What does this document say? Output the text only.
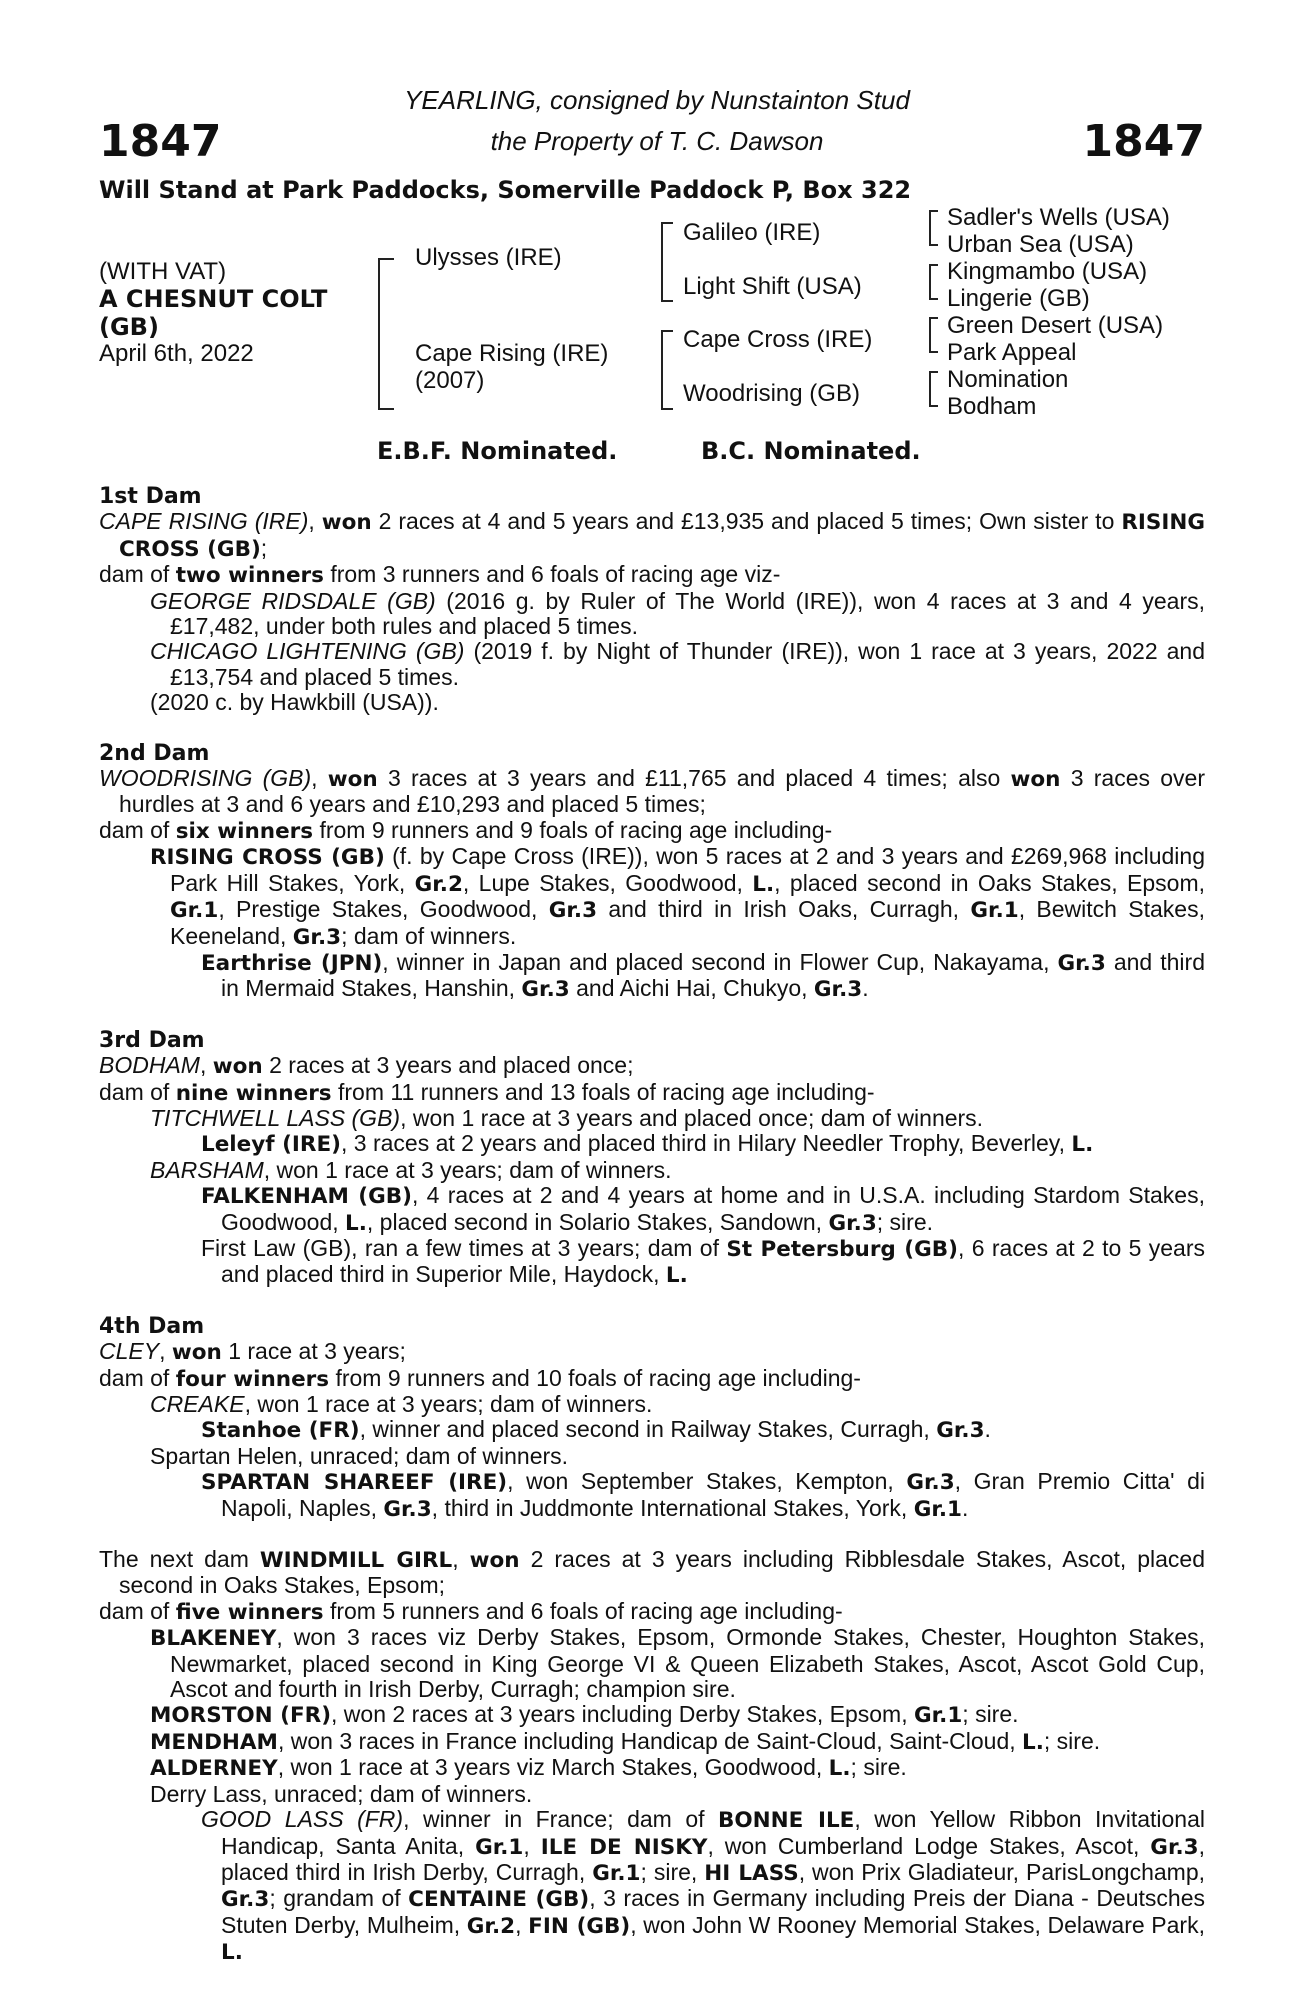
1847	1847
YEARLING, consigned by Nunstainton Stud
the Property of T. C. Dawson
Will Stand at Park Paddocks, Somerville Paddock P, Box 322
(WITH VAT)
A CHESNUT COLT
(GB)
April 6th, 2022
Ulysses (IRE)
Cape Rising (IRE)
(2007)
Galileo (IRE)
Light Shift (USA)
Cape Cross (IRE)
Woodrising (GB)
Sadler's Wells (USA)
Urban Sea (USA)
Kingmambo (USA)
Lingerie (GB)
Green Desert (USA)
Park Appeal
Nomination
Bodham
E.B.F. Nominated.	B.C. Nominated.
1st Dam
CAPE RISING (IRE), won 2 races at 4 and 5 years and £13,935 and placed 5 times; Own sister to RISING CROSS (GB);
dam of two winners from 3 runners and 6 foals of racing age viz-
GEORGE RIDSDALE (GB) (2016 g. by Ruler of The World (IRE)), won 4 races at 3 and 4 years, £17,482, under both rules and placed 5 times.
CHICAGO LIGHTENING (GB) (2019 f. by Night of Thunder (IRE)), won 1 race at 3 years, 2022 and £13,754 and placed 5 times.
(2020 c. by Hawkbill (USA)).
2nd Dam
WOODRISING (GB), won 3 races at 3 years and £11,765 and placed 4 times; also won 3 races over hurdles at 3 and 6 years and £10,293 and placed 5 times;
dam of six winners from 9 runners and 9 foals of racing age including-
RISING CROSS (GB) (f. by Cape Cross (IRE)), won 5 races at 2 and 3 years and £269,968 including Park Hill Stakes, York, Gr.2, Lupe Stakes, Goodwood, L., placed second in Oaks Stakes, Epsom, Gr.1, Prestige Stakes, Goodwood, Gr.3 and third in Irish Oaks, Curragh, Gr.1, Bewitch Stakes, Keeneland, Gr.3; dam of winners.
Earthrise (JPN), winner in Japan and placed second in Flower Cup, Nakayama, Gr.3 and third in Mermaid Stakes, Hanshin, Gr.3 and Aichi Hai, Chukyo, Gr.3.
3rd Dam
BODHAM, won 2 races at 3 years and placed once;
dam of nine winners from 11 runners and 13 foals of racing age including-
TITCHWELL LASS (GB), won 1 race at 3 years and placed once; dam of winners.
Leleyf (IRE), 3 races at 2 years and placed third in Hilary Needler Trophy, Beverley, L.
BARSHAM, won 1 race at 3 years; dam of winners.
FALKENHAM (GB), 4 races at 2 and 4 years at home and in U.S.A. including Stardom Stakes, Goodwood, L., placed second in Solario Stakes, Sandown, Gr.3; sire.
First Law (GB), ran a few times at 3 years; dam of St Petersburg (GB), 6 races at 2 to 5 years and placed third in Superior Mile, Haydock, L.
4th Dam
CLEY, won 1 race at 3 years;
dam of four winners from 9 runners and 10 foals of racing age including-
CREAKE, won 1 race at 3 years; dam of winners.
Stanhoe (FR), winner and placed second in Railway Stakes, Curragh, Gr.3.
Spartan Helen, unraced; dam of winners.
SPARTAN SHAREEF (IRE), won September Stakes, Kempton, Gr.3, Gran Premio Citta' di Napoli, Naples, Gr.3, third in Juddmonte International Stakes, York, Gr.1.
The next dam WINDMILL GIRL, won 2 races at 3 years including Ribblesdale Stakes, Ascot, placed second in Oaks Stakes, Epsom;
dam of five winners from 5 runners and 6 foals of racing age including-
BLAKENEY, won 3 races viz Derby Stakes, Epsom, Ormonde Stakes, Chester, Houghton Stakes, Newmarket, placed second in King George VI & Queen Elizabeth Stakes, Ascot, Ascot Gold Cup, Ascot and fourth in Irish Derby, Curragh; champion sire.
MORSTON (FR), won 2 races at 3 years including Derby Stakes, Epsom, Gr.1; sire.
MENDHAM, won 3 races in France including Handicap de Saint-Cloud, Saint-Cloud, L.; sire.
ALDERNEY, won 1 race at 3 years viz March Stakes, Goodwood, L.; sire.
Derry Lass, unraced; dam of winners.
GOOD LASS (FR), winner in France; dam of BONNE ILE, won Yellow Ribbon Invitational Handicap, Santa Anita, Gr.1, ILE DE NISKY, won Cumberland Lodge Stakes, Ascot, Gr.3, placed third in Irish Derby, Curragh, Gr.1; sire, HI LASS, won Prix Gladiateur, ParisLongchamp, Gr.3; grandam of CENTAINE (GB), 3 races in Germany including Preis der Diana - Deutsches Stuten Derby, Mulheim, Gr.2, FIN (GB), won John W Rooney Memorial Stakes, Delaware Park, L.
